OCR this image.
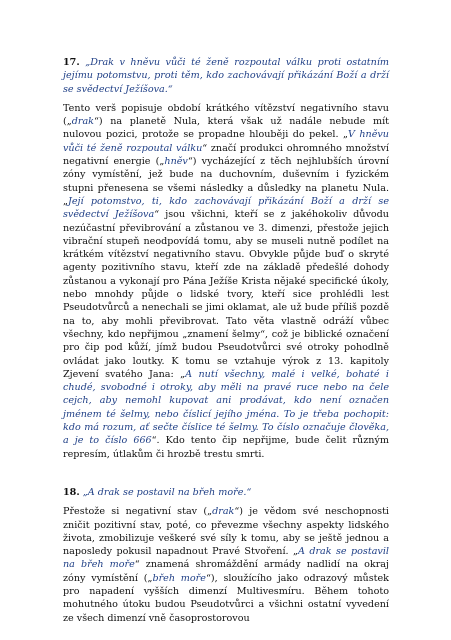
17. „Drak v hněvu vůči té ženě rozpoutal válku proti ostatním jejímu potomstvu, proti těm, kdo zachovávají přikázání Boží a drží se svědectví Ježíšova.“

Tento verš popisuje období krátkého vítězství negativního stavu („drak“) na planetě Nula, která však už nadále nebude mít nulovou pozici, protože se propadne hlouběji do pekel. „V hněvu vůči té ženě rozpoutal válku“ značí produkci ohromného množství negativní energie („hněv“) vycházející z těch nejhlubších úrovní zóny vymístění, jež bude na duchovním, duševním i fyzickém stupni přenesena se všemi následky a důsledky na planetu Nula. „Její potomstvo, ti, kdo zachovávají přikázání Boží a drží se svědectví Ježíšova“ jsou všichni, kteří se z jakéhokoliv důvodu nezúčastní převibrování a zůstanou ve 3. dimenzi, přestože jejich vibrační stupeň neodpovídá tomu, aby se museli nutně podílet na krátkém vítězství negativního stavu. Obvykle půjde buď o skryté agenty pozitivního stavu, kteří zde na základě předešlé dohody zůstanou a vykonají pro Pána Ježíše Krista nějaké specifické úkoly, nebo mnohdy půjde o lidské tvory, kteří sice prohlédli lest Pseudotvůrců a nenechali se jimi oklamat, ale už bude příliš pozdě na to, aby mohli převibrovat. Tato věta vlastně odráží vůbec všechny, kdo nepřijmou „znamení šelmy“, což je biblické označení pro čip pod kůží, jímž budou Pseudotvůrci své otroky pohodlně ovládat jako loutky. K tomu se vztahuje výrok z 13. kapitoly Zjevení svatého Jana: „A nutí všechny, malé i velké, bohaté i chudé, svobodné i otroky, aby měli na pravé ruce nebo na čele cejch, aby nemohl kupovat ani prodávat, kdo není označen jménem té šelmy, nebo číslicí jejího jména. To je třeba pochopit: kdo má rozum, ať sečte číslice té šelmy. To číslo označuje člověka, a je to číslo 666“. Kdo tento čip nepřijme, bude čelit různým represím, útlakům či hrozbě trestu smrti.

18. „A drak se postavil na břeh moře.“

Přestože si negativní stav („drak“) je vědom své neschopnosti zničit pozitivní stav, poté, co převezme všechny aspekty lidského života, zmobilizuje veškeré své síly k tomu, aby se ještě jednou a naposledy pokusil napadnout Pravé Stvoření. „A drak se postavil na břeh moře“ znamená shromáždění armády nadlidí na okraj zóny vymístění („břeh moře“), sloužícího jako odrazový můstek pro napadení vyšších dimenzí Multivesmíru. Během tohoto mohutného útoku budou Pseudotvůrci a všichni ostatní vyvedení ze všech dimenzí vně časoprostorovou
